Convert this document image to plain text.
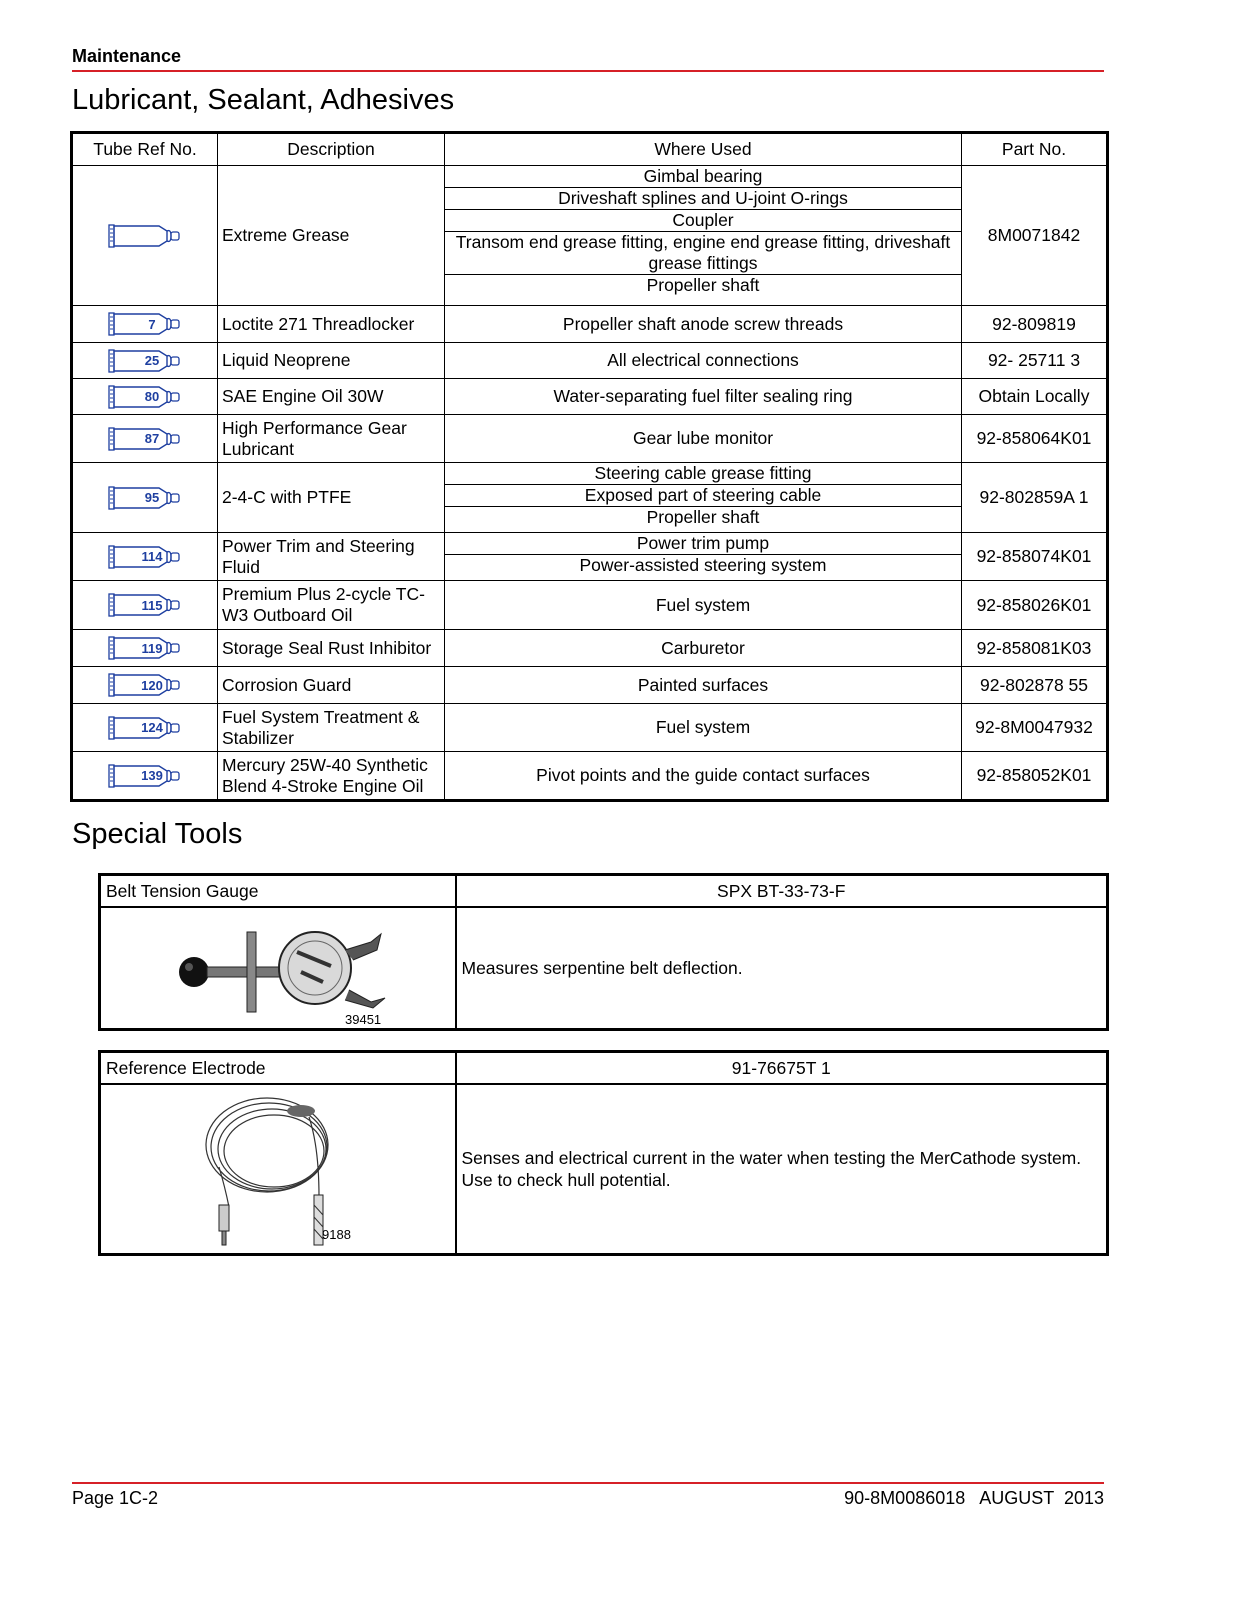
Maintenance
Lubricant, Sealant, Adhesives
Tube Ref No.	Description	Where Used	Part No.
	Extreme Grease	Gimbal bearing
Driveshaft splines and U-joint O-rings
Coupler
Transom end grease fitting, engine end grease fitting, driveshaft grease fittings
Propeller shaft	8M0071842
7	Loctite 271 Threadlocker	Propeller shaft anode screw threads	92-809819
25	Liquid Neoprene	All electrical connections	92- 25711 3
80	SAE Engine Oil 30W	Water-separating fuel filter sealing ring	Obtain Locally
87	High Performance Gear Lubricant	Gear lube monitor	92-858064K01
95	2-4-C with PTFE	Steering cable grease fitting
Exposed part of steering cable
Propeller shaft	92-802859A 1
114	Power Trim and Steering Fluid	Power trim pump
Power-assisted steering system	92-858074K01
115	Premium Plus 2-cycle TC-W3 Outboard Oil	Fuel system	92-858026K01
119	Storage Seal Rust Inhibitor	Carburetor	92-858081K03
120	Corrosion Guard	Painted surfaces	92-802878 55
124	Fuel System Treatment & Stabilizer	Fuel system	92-8M0047932
139	Mercury 25W-40 Synthetic Blend 4-Stroke Engine Oil	Pivot points and the guide contact surfaces	92-858052K01
Special Tools
Belt Tension Gauge	SPX BT-33-73-F

39451	Measures serpentine belt deflection.
Reference Electrode	91-76675T 1

9188	Senses and electrical current in the water when testing the MerCathode system. Use to check hull potential.
Page 1C-2	90-8M0086018   AUGUST  2013
